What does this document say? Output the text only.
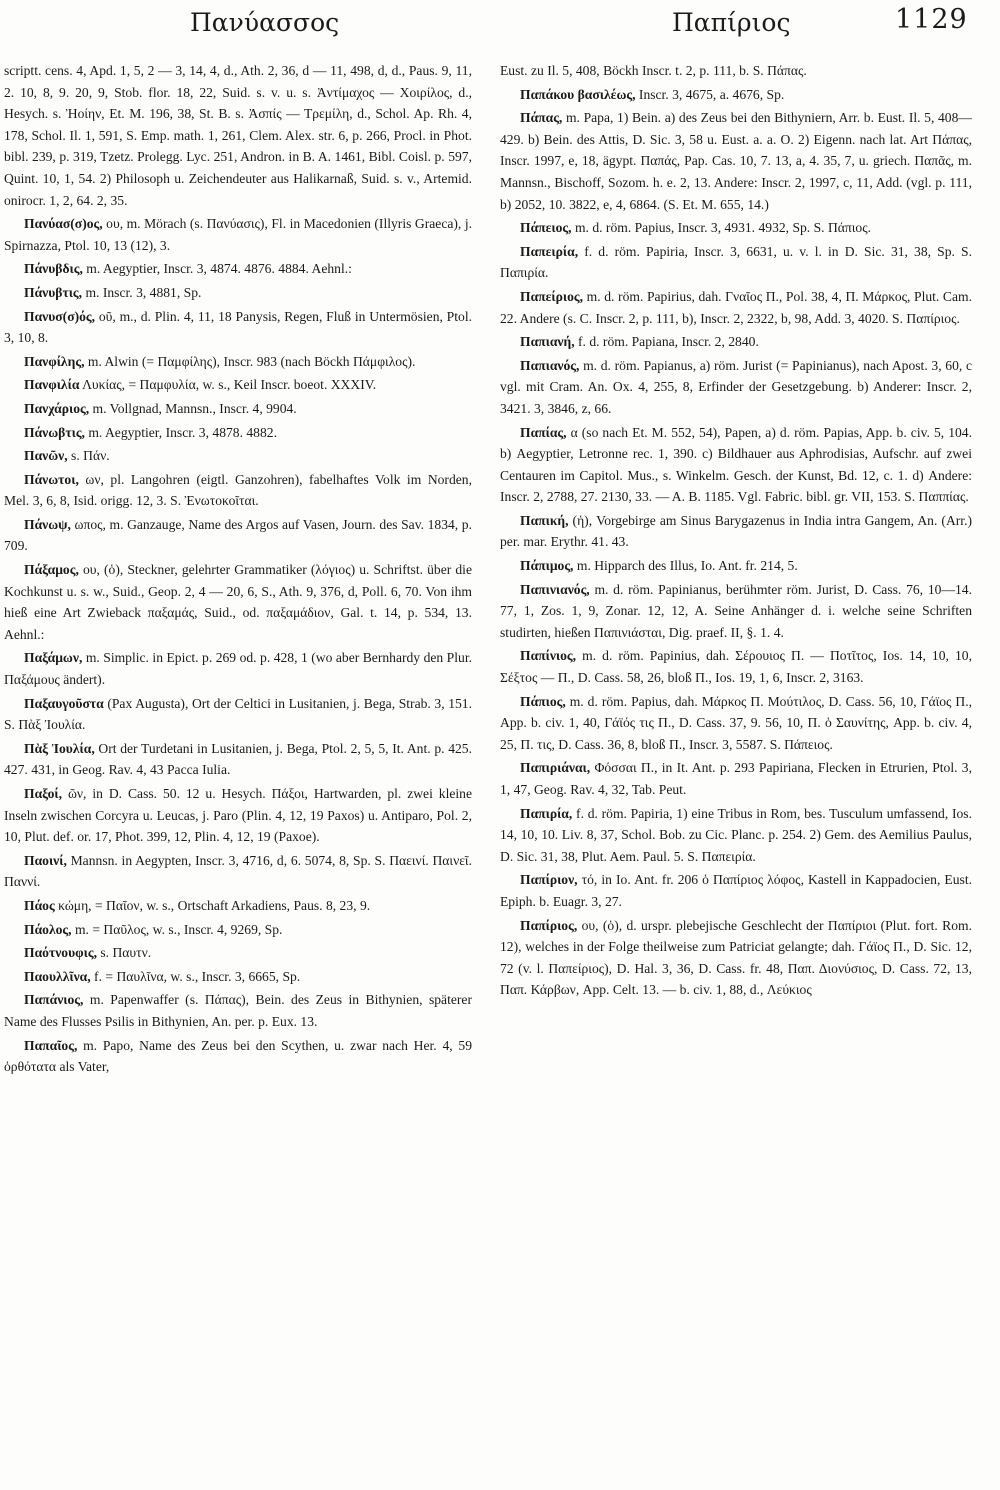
Πανύασσος	Παπίριος	1129

scriptt. cens. 4, Apd. 1, 5, 2 — 3, 14, 4, d., Ath. 2, 36, d — 11, 498, d, d., Paus. 9, 11, 2. 10, 8, 9. 20, 9, Stob. flor. 18, 22, Suid. s. v. u. s. Ἀντίμαχος — Χοιρίλος, d., Hesych. s. Ἠοίην, Et. M. 196, 38, St. B. s. Ἀσπίς — Τρεμίλη, d., Schol. Ap. Rh. 4, 178, Schol. Il. 1, 591, S. Emp. math. 1, 261, Clem. Alex. str. 6, p. 266, Procl. in Phot. bibl. 239, p. 319, Tzetz. Prolegg. Lyc. 251, Andron. in B. A. 1461, Bibl. Coisl. p. 597, Quint. 10, 1, 54. 2) Philosoph u. Zeichendeuter aus Halikarnaß, Suid. s. v., Artemid. onirocr. 1, 2, 64. 2, 35.

Πανύασ(σ)ος, ου, m. Mörach (s. Πανύασις), Fl. in Macedonien (Illyris Graeca), j. Spirnazza, Ptol. 10, 13 (12), 3.

Πάνυβδις, m. Aegyptier, Inscr. 3, 4874. 4876. 4884. Aehnl.:

Πάνυβτις, m. Inscr. 3, 4881, Sp.

Πανυσ(σ)ός, οῦ, m., d. Plin. 4, 11, 18 Panysis, Regen, Fluß in Untermösien, Ptol. 3, 10, 8.

Πανφίλης, m. Alwin (= Παμφίλης), Inscr. 983 (nach Böckh Πάμφιλος).

Πανφιλία Λυκίας, = Παμφυλία, w. s., Keil Inscr. boeot. XXXIV.

Πανχάριος, m. Vollgnad, Mannsn., Inscr. 4, 9904.

Πάνωβτις, m. Aegyptier, Inscr. 3, 4878. 4882.

Πανῶν, s. Πάν.

Πάνωτοι, ων, pl. Langohren (eigtl. Ganzohren), fabelhaftes Volk im Norden, Mel. 3, 6, 8, Isid. origg. 12, 3. S. Ἐνωτοκοῖται.

Πάνωψ, ωπος, m. Ganzauge, Name des Argos auf Vasen, Journ. des Sav. 1834, p. 709.

Πάξαμος, ου, (ὁ), Steckner, gelehrter Grammatiker (λόγιος) u. Schriftst. über die Kochkunst u. s. w., Suid., Geop. 2, 4 — 20, 6, S., Ath. 9, 376, d, Poll. 6, 70. Von ihm hieß eine Art Zwieback παξαμάς, Suid., od. παξαμάδιον, Gal. t. 14, p. 534, 13. Aehnl.:

Παξάμων, m. Simplic. in Epict. p. 269 od. p. 428, 1 (wo aber Bernhardy den Plur. Παξάμους ändert).

Παξαυγοῦστα (Pax Augusta), Ort der Celtici in Lusitanien, j. Bega, Strab. 3, 151. S. Πὰξ Ἰουλία.

Πὰξ Ἰουλία, Ort der Turdetani in Lusitanien, j. Bega, Ptol. 2, 5, 5, It. Ant. p. 425. 427. 431, in Geog. Rav. 4, 43 Pacca Iulia.

Παξοί, ῶν, in D. Cass. 50. 12 u. Hesych. Πάξοι, Hartwarden, pl. zwei kleine Inseln zwischen Corcyra u. Leucas, j. Paro (Plin. 4, 12, 19 Paxos) u. Antiparo, Pol. 2, 10, Plut. def. or. 17, Phot. 399, 12, Plin. 4, 12, 19 (Paxoe).

Παοινί, Mannsn. in Aegypten, Inscr. 3, 4716, d, 6. 5074, 8, Sp. S. Παεινί. Παινεῖ. Παννί.

Πάος κώμη, = Παῖον, w. s., Ortschaft Arkadiens, Paus. 8, 23, 9.

Πάολος, m. = Παῦλος, w. s., Inscr. 4, 9269, Sp.

Παότνουφις, s. Παυτν.

Παουλλῖνα, f. = Παυλῖνα, w. s., Inscr. 3, 6665, Sp.

Παπάνιος, m. Papenwaffer (s. Πάπας), Bein. des Zeus in Bithynien, späterer Name des Flusses Psilis in Bithynien, An. per. p. Eux. 13.

Παπαῖος, m. Papo, Name des Zeus bei den Scythen, u. zwar nach Her. 4, 59 ὀρθότατα als Vater,

Eust. zu Il. 5, 408, Böckh Inscr. t. 2, p. 111, b. S. Πάπας.

Παπάκου βασιλέως, Inscr. 3, 4675, a. 4676, Sp.

Πάπας, m. Papa, 1) Bein. a) des Zeus bei den Bithyniern, Arr. b. Eust. Il. 5, 408—429. b) Bein. des Attis, D. Sic. 3, 58 u. Eust. a. a. O. 2) Eigenn. nach lat. Art Πάπας, Inscr. 1997, e, 18, ägypt. Παπάς, Pap. Cas. 10, 7. 13, a, 4. 35, 7, u. griech. Παπᾶς, m. Mannsn., Bischoff, Sozom. h. e. 2, 13. Andere: Inscr. 2, 1997, c, 11, Add. (vgl. p. 111, b) 2052, 10. 3822, e, 4, 6864. (S. Et. M. 655, 14.)

Πάπειος, m. d. röm. Papius, Inscr. 3, 4931. 4932, Sp. S. Πάπιος.

Παπειρία, f. d. röm. Papiria, Inscr. 3, 6631, u. v. l. in D. Sic. 31, 38, Sp. S. Παπιρία.

Παπείριος, m. d. röm. Papirius, dah. Γναῖος Π., Pol. 38, 4, Π. Μάρκος, Plut. Cam. 22. Andere (s. C. Inscr. 2, p. 111, b), Inscr. 2, 2322, b, 98, Add. 3, 4020. S. Παπίριος.

Παπιανή, f. d. röm. Papiana, Inscr. 2, 2840.

Παπιανός, m. d. röm. Papianus, a) röm. Jurist (= Papinianus), nach Apost. 3, 60, c vgl. mit Cram. An. Ox. 4, 255, 8, Erfinder der Gesetzgebung. b) Anderer: Inscr. 2, 3421. 3, 3846, z, 66.

Παπίας, α (so nach Et. M. 552, 54), Papen, a) d. röm. Papias, App. b. civ. 5, 104. b) Aegyptier, Letronne rec. 1, 390. c) Bildhauer aus Aphrodisias, Aufschr. auf zwei Centauren im Capitol. Mus., s. Winkelm. Gesch. der Kunst, Bd. 12, c. 1. d) Andere: Inscr. 2, 2788, 27. 2130, 33. — A. B. 1185. Vgl. Fabric. bibl. gr. VII, 153. S. Παππίας.

Παπική, (ἡ), Vorgebirge am Sinus Barygazenus in India intra Gangem, An. (Arr.) per. mar. Erythr. 41. 43.

Πάπιμος, m. Hipparch des Illus, Io. Ant. fr. 214, 5.

Παπινιανός, m. d. röm. Papinianus, berühmter röm. Jurist, D. Cass. 76, 10—14. 77, 1, Zos. 1, 9, Zonar. 12, 12, A. Seine Anhänger d. i. welche seine Schriften studirten, hießen Παπινιάσται, Dig. praef. II, §. 1. 4.

Παπίνιος, m. d. röm. Papinius, dah. Σέρουιος Π. — Ποτῖτος, Ios. 14, 10, 10, Σέξτος — Π., D. Cass. 58, 26, bloß Π., Ios. 19, 1, 6, Inscr. 2, 3163.

Πάπιος, m. d. röm. Papius, dah. Μάρκος Π. Μούτιλος, D. Cass. 56, 10, Γάϊος Π., App. b. civ. 1, 40, Γάϊός τις Π., D. Cass. 37, 9. 56, 10, Π. ὁ Σαυνίτης, App. b. civ. 4, 25, Π. τις, D. Cass. 36, 8, bloß Π., Inscr. 3, 5587. S. Πάπειος.

Παπιριάναι, Φόσσαι Π., in It. Ant. p. 293 Papiriana, Flecken in Etrurien, Ptol. 3, 1, 47, Geog. Rav. 4, 32, Tab. Peut.

Παπιρία, f. d. röm. Papiria, 1) eine Tribus in Rom, bes. Tusculum umfassend, Ios. 14, 10, 10. Liv. 8, 37, Schol. Bob. zu Cic. Planc. p. 254. 2) Gem. des Aemilius Paulus, D. Sic. 31, 38, Plut. Aem. Paul. 5. S. Παπειρία.

Παπίριον, τό, in Io. Ant. fr. 206 ὁ Παπίριος λόφος, Kastell in Kappadocien, Eust. Epiph. b. Euagr. 3, 27.

Παπίριος, ου, (ὁ), d. urspr. plebejische Geschlecht der Παπίριοι (Plut. fort. Rom. 12), welches in der Folge theilweise zum Patriciat gelangte; dah. Γάϊος Π., D. Sic. 12, 72 (v. l. Παπείριος), D. Hal. 3, 36, D. Cass. fr. 48, Παπ. Διονύσιος, D. Cass. 72, 13, Παπ. Κάρβων, App. Celt. 13. — b. civ. 1, 88, d., Λεύκιος
